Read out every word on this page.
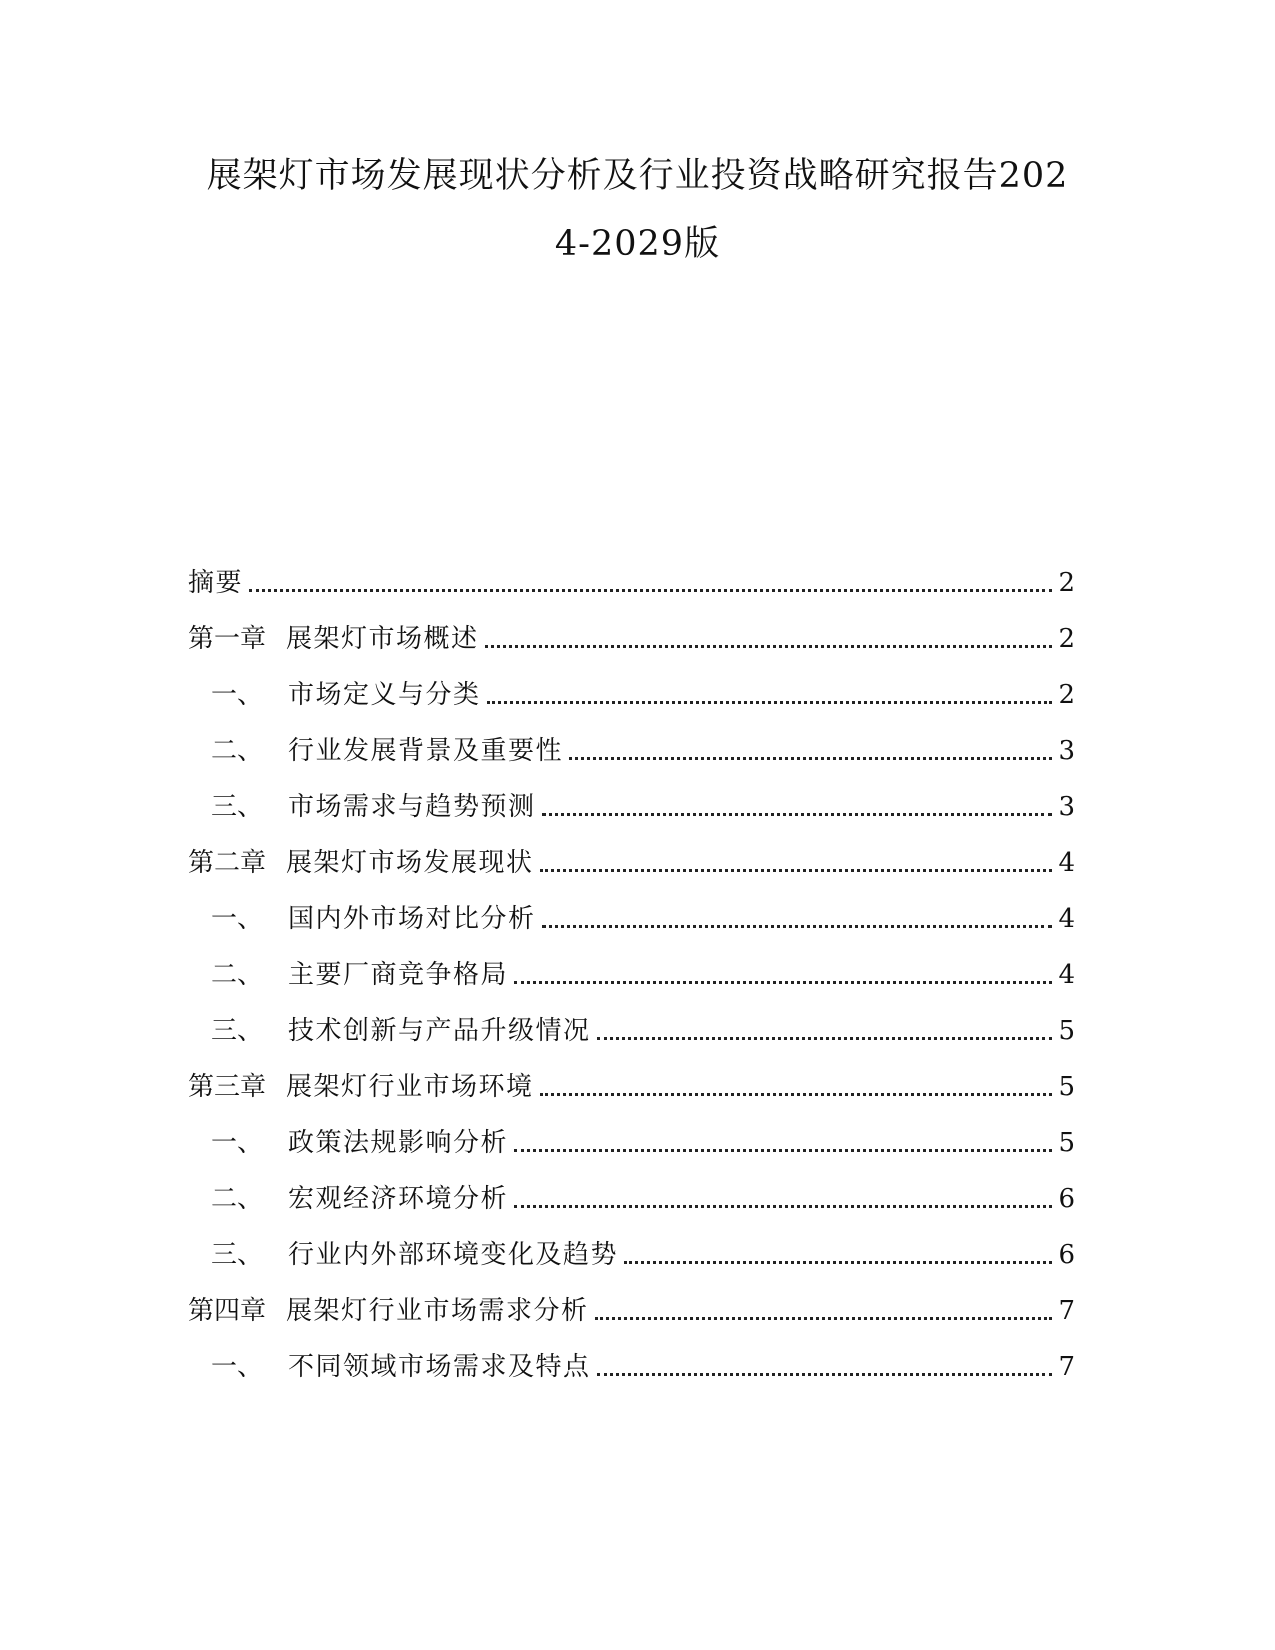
展架灯市场发展现状分析及行业投资战略研究报告202
4-2029版
摘要	2
第一章 展架灯市场概述	2
一、 市场定义与分类	2
二、 行业发展背景及重要性	3
三、 市场需求与趋势预测	3
第二章 展架灯市场发展现状	4
一、 国内外市场对比分析	4
二、 主要厂商竞争格局	4
三、 技术创新与产品升级情况	5
第三章 展架灯行业市场环境	5
一、 政策法规影响分析	5
二、 宏观经济环境分析	6
三、 行业内外部环境变化及趋势	6
第四章 展架灯行业市场需求分析	7
一、 不同领域市场需求及特点	7
